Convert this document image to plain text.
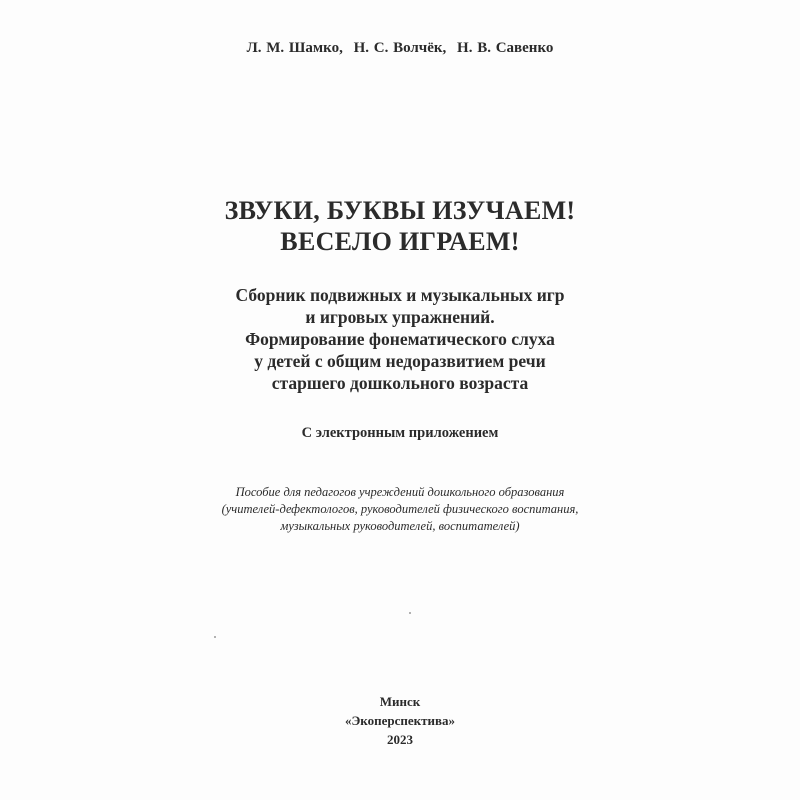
Л. М. Шамко, Н. С. Волчёк, Н. В. Савенко
ЗВУКИ, БУКВЫ ИЗУЧАЕМ!
ВЕСЕЛО ИГРАЕМ!
Сборник подвижных и музыкальных игр
и игровых упражнений.
Формирование фонематического слуха
у детей с общим недоразвитием речи
старшего дошкольного возраста
С электронным приложением
Пособие для педагогов учреждений дошкольного образования
(учителей-дефектологов, руководителей физического воспитания,
музыкальных руководителей, воспитателей)
Минск
«Экоперспектива»
2023
